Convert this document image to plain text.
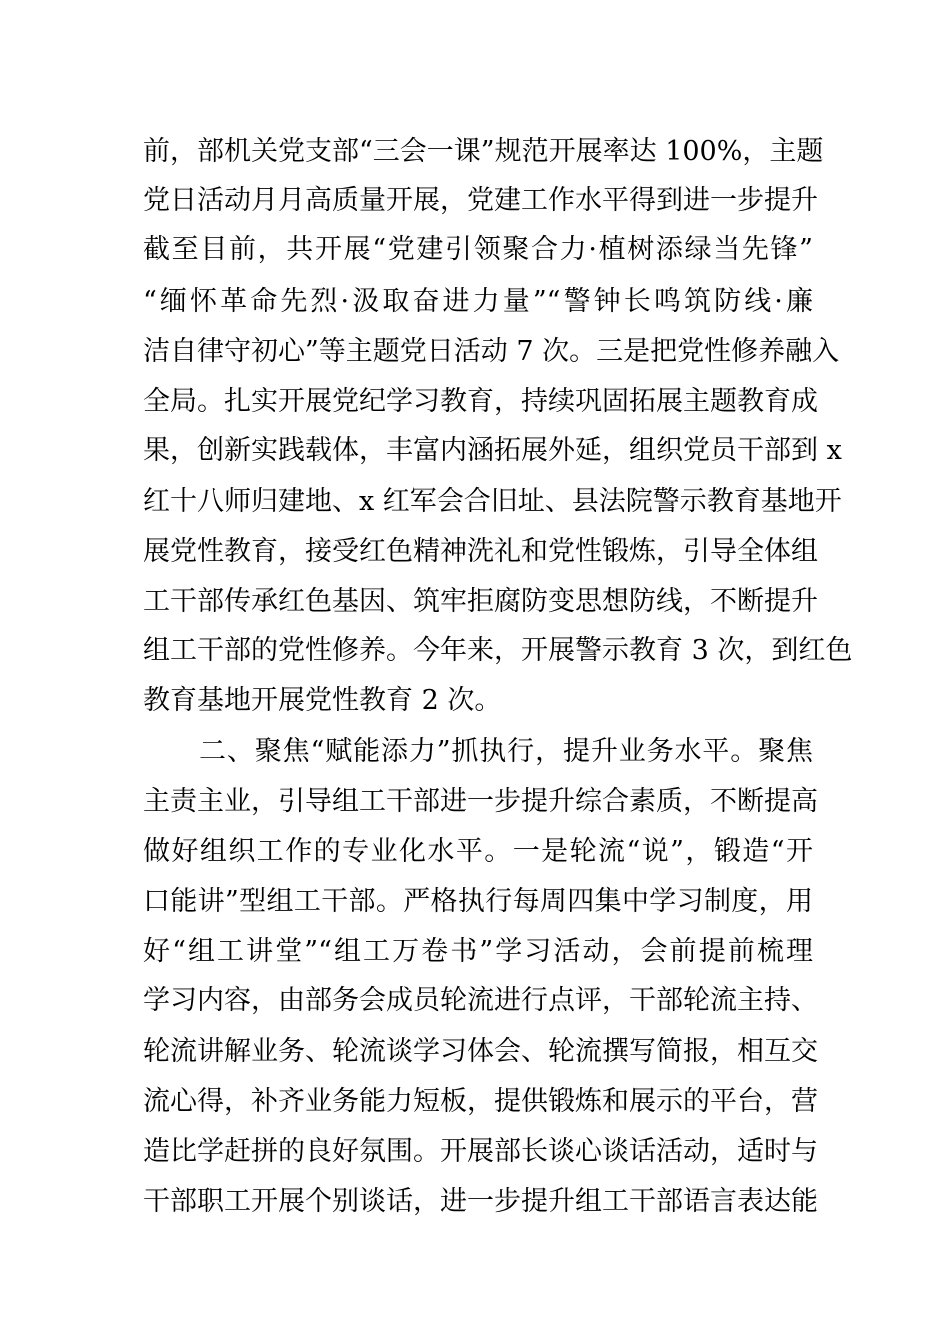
前，部机关党支部“三会一课”规范开展率达 100%，主题

党日活动月月高质量开展，党建工作水平得到进一步提升

截至目前，共开展“党建引领聚合力·植树添绿当先锋”

“缅怀革命先烈·汲取奋进力量”“警钟长鸣筑防线·廉

洁自律守初心”等主题党日活动 7 次。三是把党性修养融入

全局。扎实开展党纪学习教育，持续巩固拓展主题教育成

果，创新实践载体，丰富内涵拓展外延，组织党员干部到 x

红十八师归建地、x 红军会合旧址、县法院警示教育基地开

展党性教育，接受红色精神洗礼和党性锻炼，引导全体组

工干部传承红色基因、筑牢拒腐防变思想防线，不断提升

组工干部的党性修养。今年来，开展警示教育 3 次，到红色

教育基地开展党性教育 2 次。

二、聚焦“赋能添力”抓执行，提升业务水平。聚焦

主责主业，引导组工干部进一步提升综合素质，不断提高

做好组织工作的专业化水平。一是轮流“说”，锻造“开

口能讲”型组工干部。严格执行每周四集中学习制度，用

好“组工讲堂”“组工万卷书”学习活动，会前提前梳理

学习内容，由部务会成员轮流进行点评，干部轮流主持、

轮流讲解业务、轮流谈学习体会、轮流撰写简报，相互交

流心得，补齐业务能力短板，提供锻炼和展示的平台，营

造比学赶拼的良好氛围。开展部长谈心谈话活动，适时与

干部职工开展个别谈话，进一步提升组工干部语言表达能
